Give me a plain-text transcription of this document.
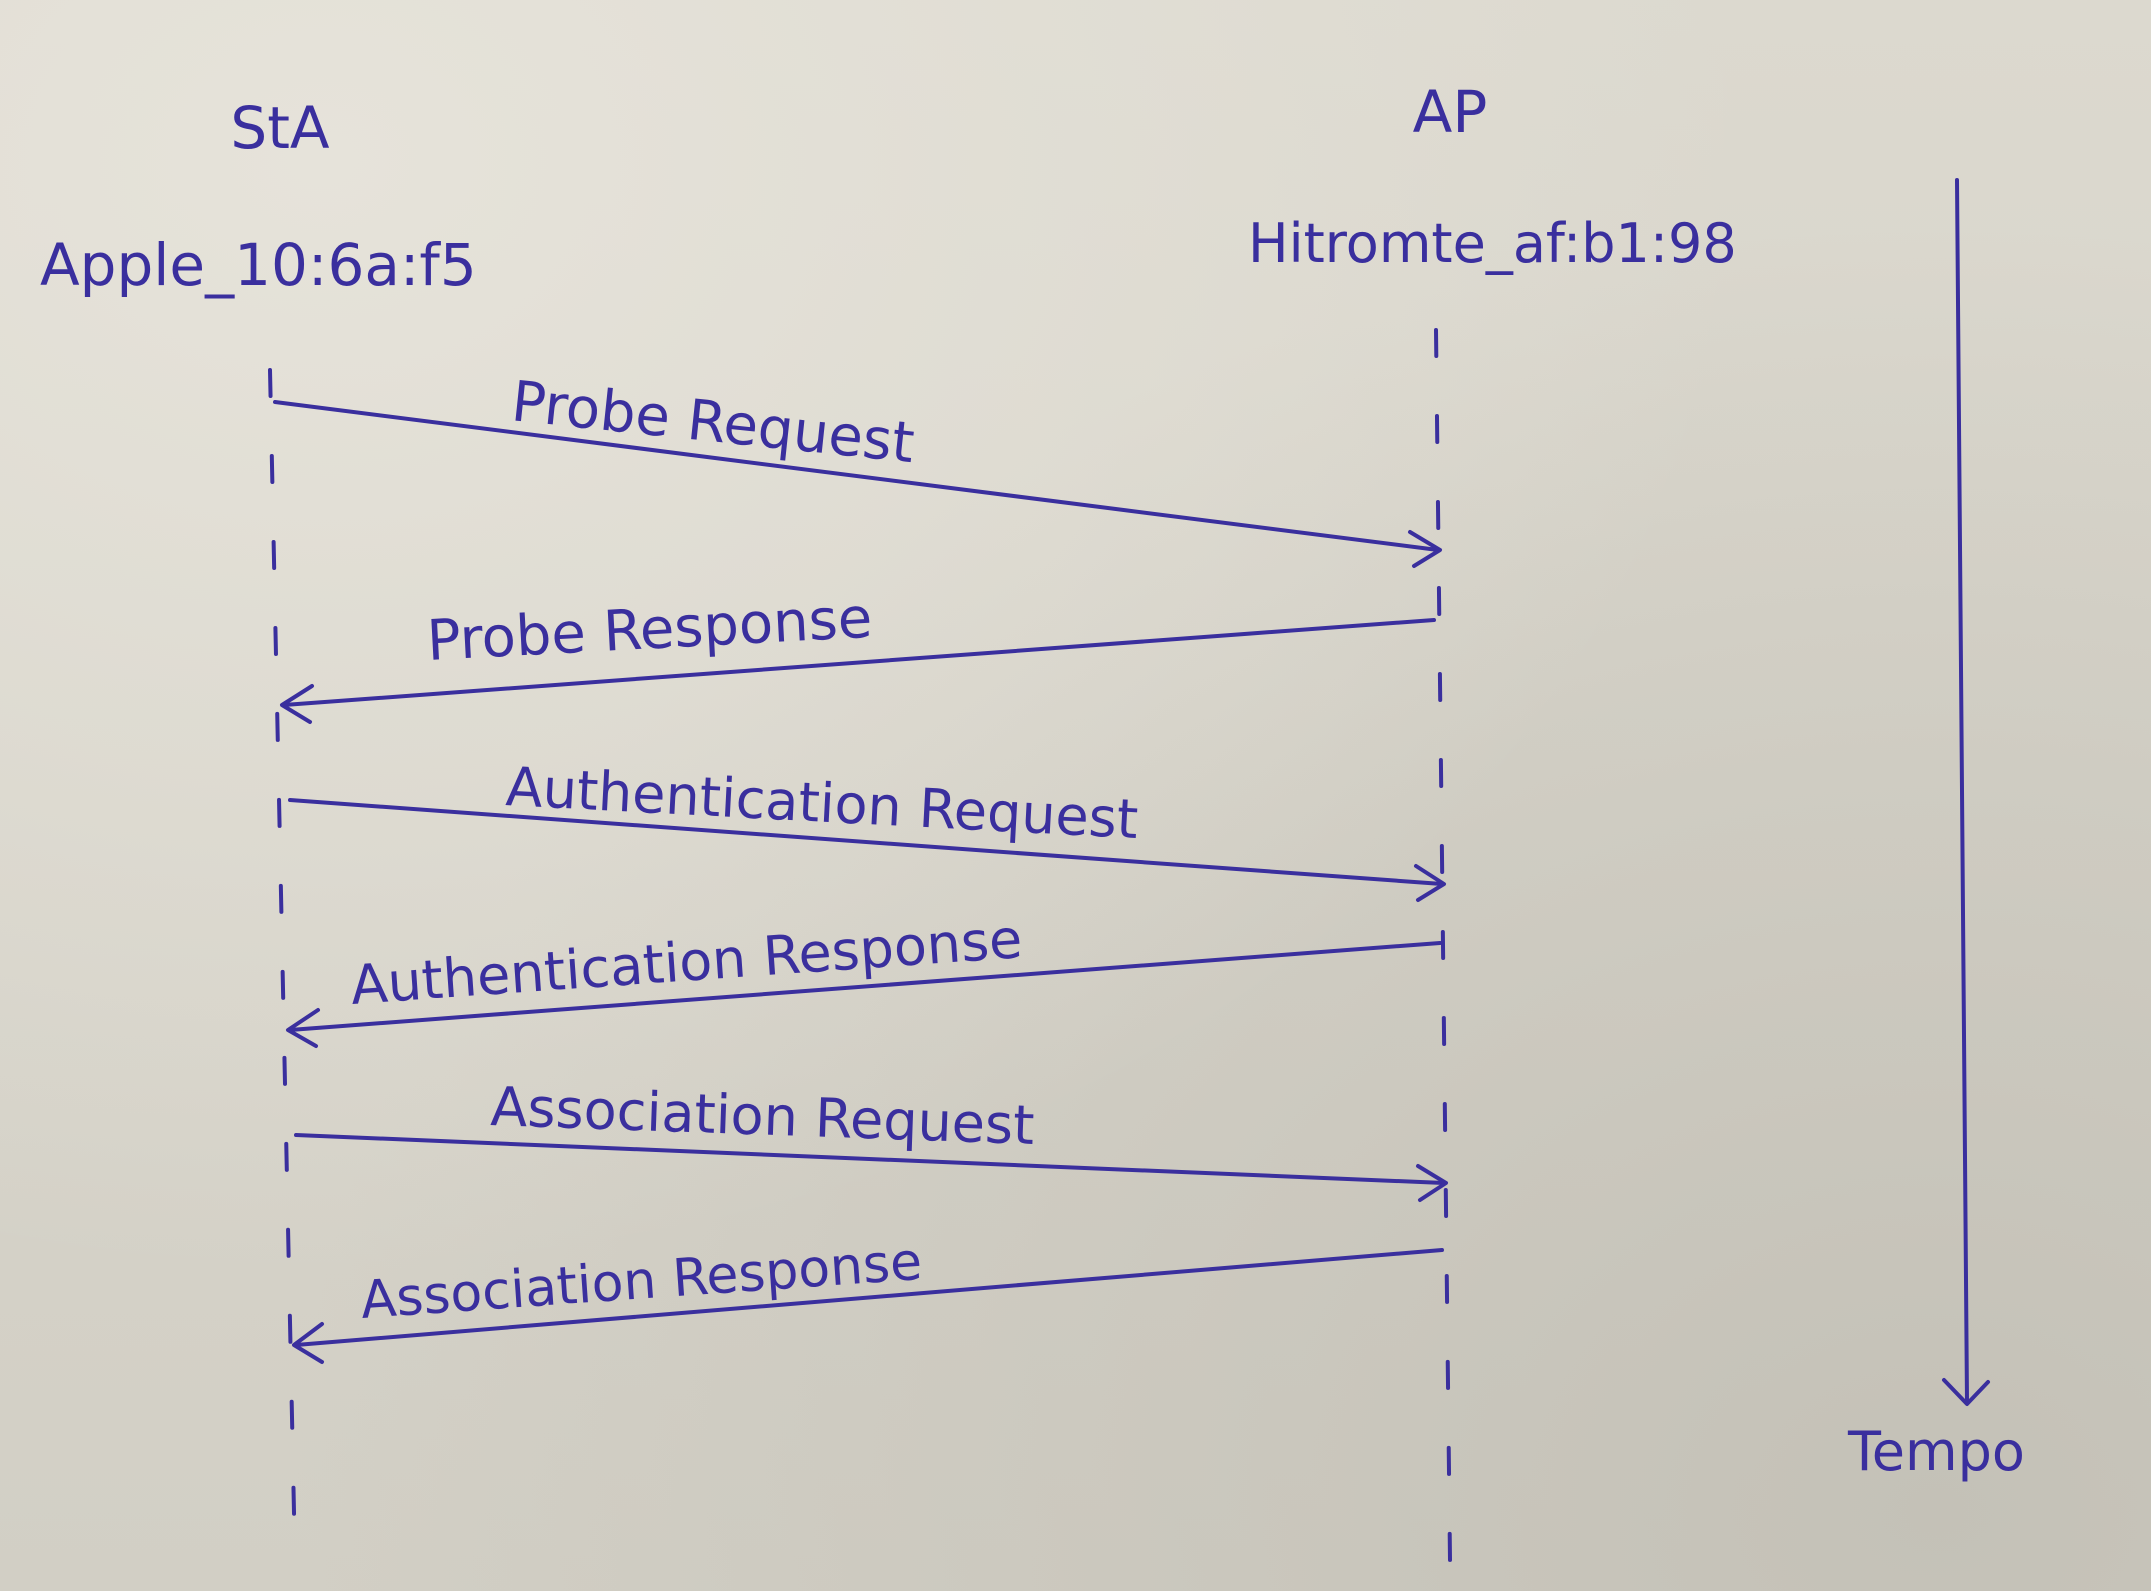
StA	AP
Apple_10:6a:f5	Hitromte_af:b1:98
Probe Request
Probe Response
Authentication Request
Authentication Response
Association Request
Association Response
Tempo
